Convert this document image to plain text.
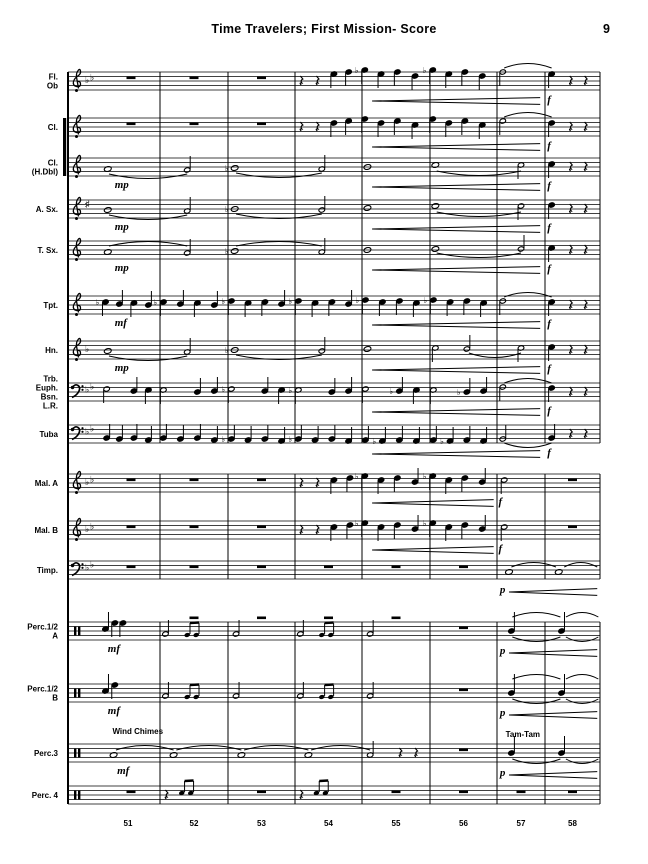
Time Travelers; First Mission- Score	9
♭ ♭
Fl. Ob
♭	♭
f
Cl.
f
Cl. (H.Dbl)	♭
mp	f
♯
A. Sx.	♭
mp	f
T. Sx.	♭
mp	f
Tpt.	♭	♭	♭	♭	♭	♭
mf	f
♭
Hn.	♭
mp	f
♭ ♭
Trb. Euph. Bsn. L.R.
♭	♭	♭	♭
f
♭ ♭
Tuba
♭	♭	♭	♭
f
♭ ♭
Mal. A
♭	♭
f
♭ ♭
Mal. B
♭	♭
f
♭ ♭
Timp.
p
Perc.1/2 A
mf	p
Perc.1/2 B
mf	p
Perc.3
Wind Chimes
mf
Tam-Tam
p
Perc. 4
51	52	53	54	55	56	57	58
